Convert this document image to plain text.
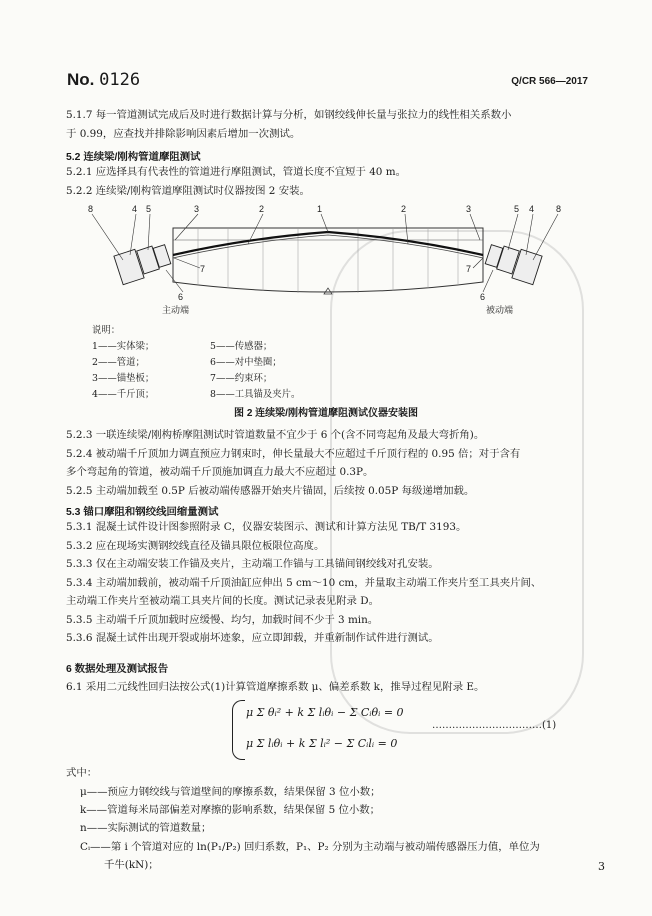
No. 0126	Q/CR 566—2017
5.1.7 每一管道测试完成后及时进行数据计算与分析，如钢绞线伸长量与张拉力的线性相关系数小
于 0.99，应查找并排除影响因素后增加一次测试。
5.2 连续梁/刚构管道摩阻测试
5.2.1 应选择具有代表性的管道进行摩阻测试，管道长度不宜短于 40 m。
5.2.2 连续梁/刚构管道摩阻测试时仪器按图 2 安装。
8	4 5	3	2	1	2	3	5 4 8
7
6
7
6
主动端	被动端
说明：
1——实体梁；	5——传感器；
2——管道；	6——对中垫圈；
3——锚垫板；	7——约束环；
4——千斤顶；	8——工具锚及夹片。
图 2 连续梁/刚构管道摩阻测试仪器安装图
5.2.3 一联连续梁/刚构桥摩阻测试时管道数量不宜少于 6 个(含不同弯起角及最大弯折角)。
5.2.4 被动端千斤顶加力调直预应力钢束时，伸长量最大不应超过千斤顶行程的 0.95 倍；对于含有
多个弯起角的管道，被动端千斤顶施加调直力最大不应超过 0.3P。
5.2.5 主动端加载至 0.5P 后被动端传感器开始夹片锚固，后续按 0.05P 每级递增加载。
5.3 锚口摩阻和钢绞线回缩量测试
5.3.1 混凝土试件设计图参照附录 C，仪器安装图示、测试和计算方法见 TB/T 3193。
5.3.2 应在现场实测钢绞线直径及锚具限位板限位高度。
5.3.3 仅在主动端安装工作锚及夹片，主动端工作锚与工具锚间钢绞线对孔安装。
5.3.4 主动端加载前，被动端千斤顶油缸应伸出 5 cm～10 cm，并量取主动端工作夹片至工具夹片间、
主动端工作夹片至被动端工具夹片间的长度。测试记录表见附录 D。
5.3.5 主动端千斤顶加载时应缓慢、均匀，加载时间不少于 3 min。
5.3.6 混凝土试件出现开裂或崩坏迹象，应立即卸载，并重新制作试件进行测试。
6 数据处理及测试报告
6.1 采用二元线性回归法按公式(1)计算管道摩擦系数 μ、偏差系数 k，推导过程见附录 E。
μ Σ θᵢ² + k Σ lᵢθᵢ − Σ Cᵢθᵢ = 0
μ Σ lᵢθᵢ + k Σ lᵢ² − Σ Cᵢlᵢ = 0
……………………………(1)
式中：
μ——预应力钢绞线与管道壁间的摩擦系数，结果保留 3 位小数；
k——管道每米局部偏差对摩擦的影响系数，结果保留 5 位小数；
n——实际测试的管道数量；
Cᵢ——第 i 个管道对应的 ln(P₁/P₂) 回归系数，P₁、P₂ 分别为主动端与被动端传感器压力值，单位为
千牛(kN)；	3
